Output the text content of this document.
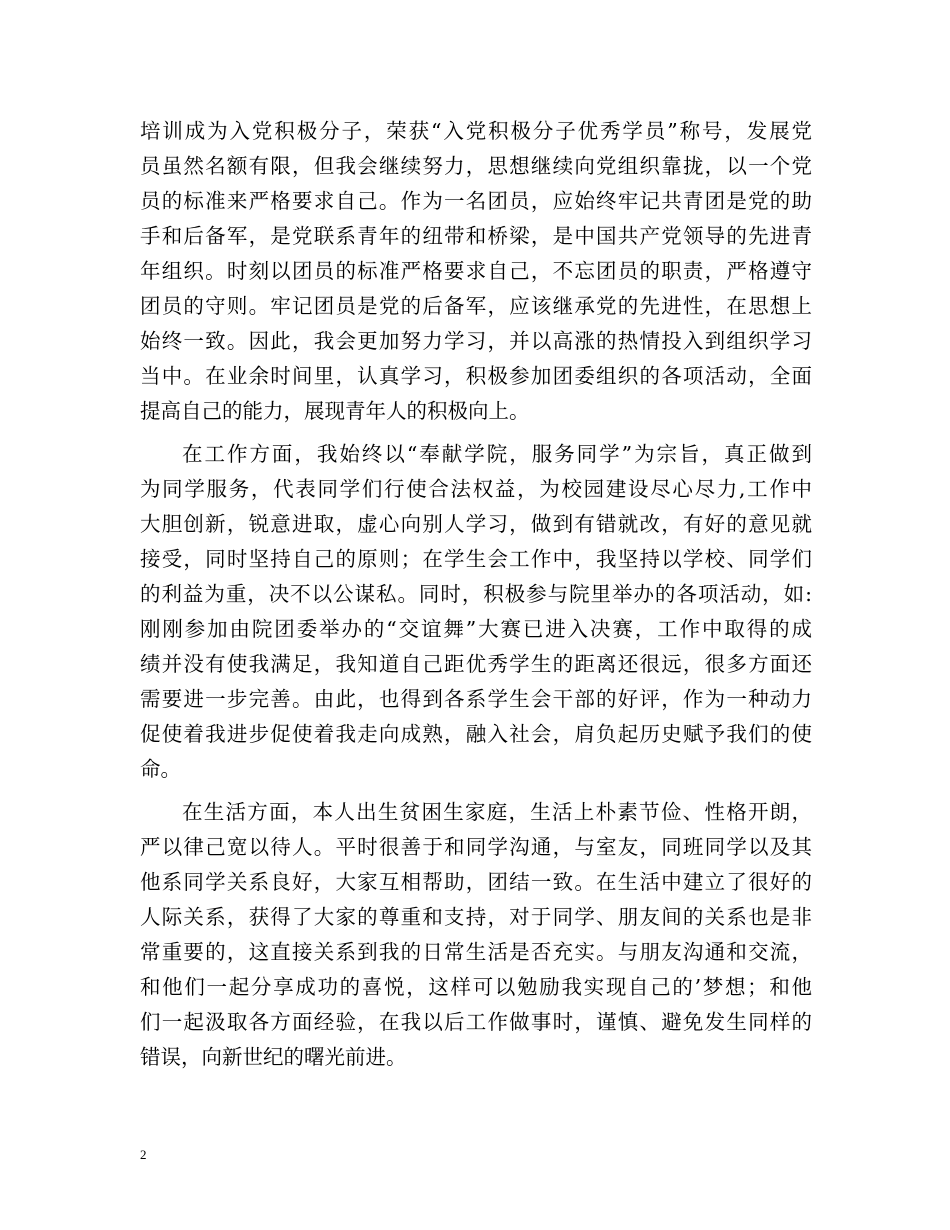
培训成为入党积极分子，荣获“入党积极分子优秀学员”称号，发展党
员虽然名额有限，但我会继续努力，思想继续向党组织靠拢，以一个党
员的标准来严格要求自己。作为一名团员，应始终牢记共青团是党的助
手和后备军，是党联系青年的纽带和桥梁，是中国共产党领导的先进青
年组织。时刻以团员的标准严格要求自己，不忘团员的职责，严格遵守
团员的守则。牢记团员是党的后备军，应该继承党的先进性，在思想上
始终一致。因此，我会更加努力学习，并以高涨的热情投入到组织学习
当中。在业余时间里，认真学习，积极参加团委组织的各项活动，全面
提高自己的能力，展现青年人的积极向上。
在工作方面，我始终以“奉献学院，服务同学”为宗旨，真正做到
为同学服务，代表同学们行使合法权益，为校园建设尽心尽力,工作中
大胆创新，锐意进取，虚心向别人学习，做到有错就改，有好的意见就
接受，同时坚持自己的原则；在学生会工作中，我坚持以学校、同学们
的利益为重，决不以公谋私。同时，积极参与院里举办的各项活动，如:
刚刚参加由院团委举办的“交谊舞”大赛已进入决赛，工作中取得的成
绩并没有使我满足，我知道自己距优秀学生的距离还很远，很多方面还
需要进一步完善。由此，也得到各系学生会干部的好评，作为一种动力
促使着我进步促使着我走向成熟，融入社会，肩负起历史赋予我们的使
命。
在生活方面，本人出生贫困生家庭，生活上朴素节俭、性格开朗，
严以律己宽以待人。平时很善于和同学沟通，与室友，同班同学以及其
他系同学关系良好，大家互相帮助，团结一致。在生活中建立了很好的
人际关系，获得了大家的尊重和支持，对于同学、朋友间的关系也是非
常重要的，这直接关系到我的日常生活是否充实。与朋友沟通和交流，
和他们一起分享成功的喜悦，这样可以勉励我实现自己的’梦想；和他
们一起汲取各方面经验，在我以后工作做事时，谨慎、避免发生同样的
错误，向新世纪的曙光前进。
2
